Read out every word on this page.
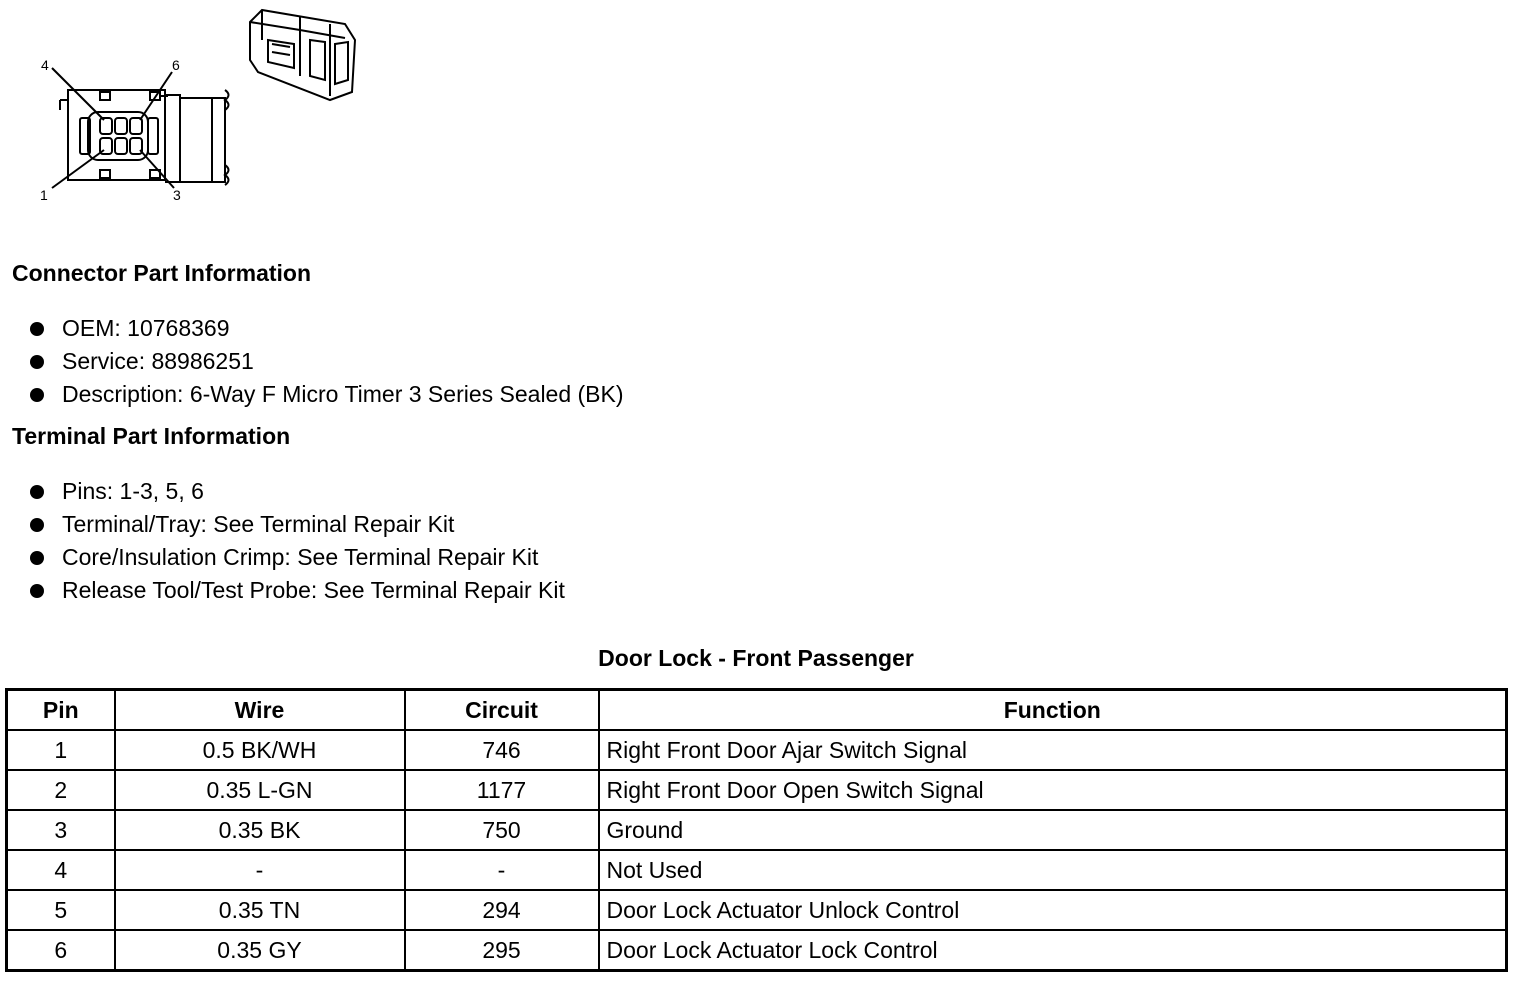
4	6
1	3
Connector Part Information
OEM: 10768369
Service: 88986251
Description: 6-Way F Micro Timer 3 Series Sealed (BK)
Terminal Part Information
Pins: 1-3, 5, 6
Terminal/Tray: See Terminal Repair Kit
Core/Insulation Crimp: See Terminal Repair Kit
Release Tool/Test Probe: See Terminal Repair Kit
Door Lock - Front Passenger
Pin	Wire	Circuit	Function
1	0.5 BK/WH	746	Right Front Door Ajar Switch Signal
2	0.35 L-GN	1177	Right Front Door Open Switch Signal
3	0.35 BK	750	Ground
4	-	-	Not Used
5	0.35 TN	294	Door Lock Actuator Unlock Control
6	0.35 GY	295	Door Lock Actuator Lock Control
